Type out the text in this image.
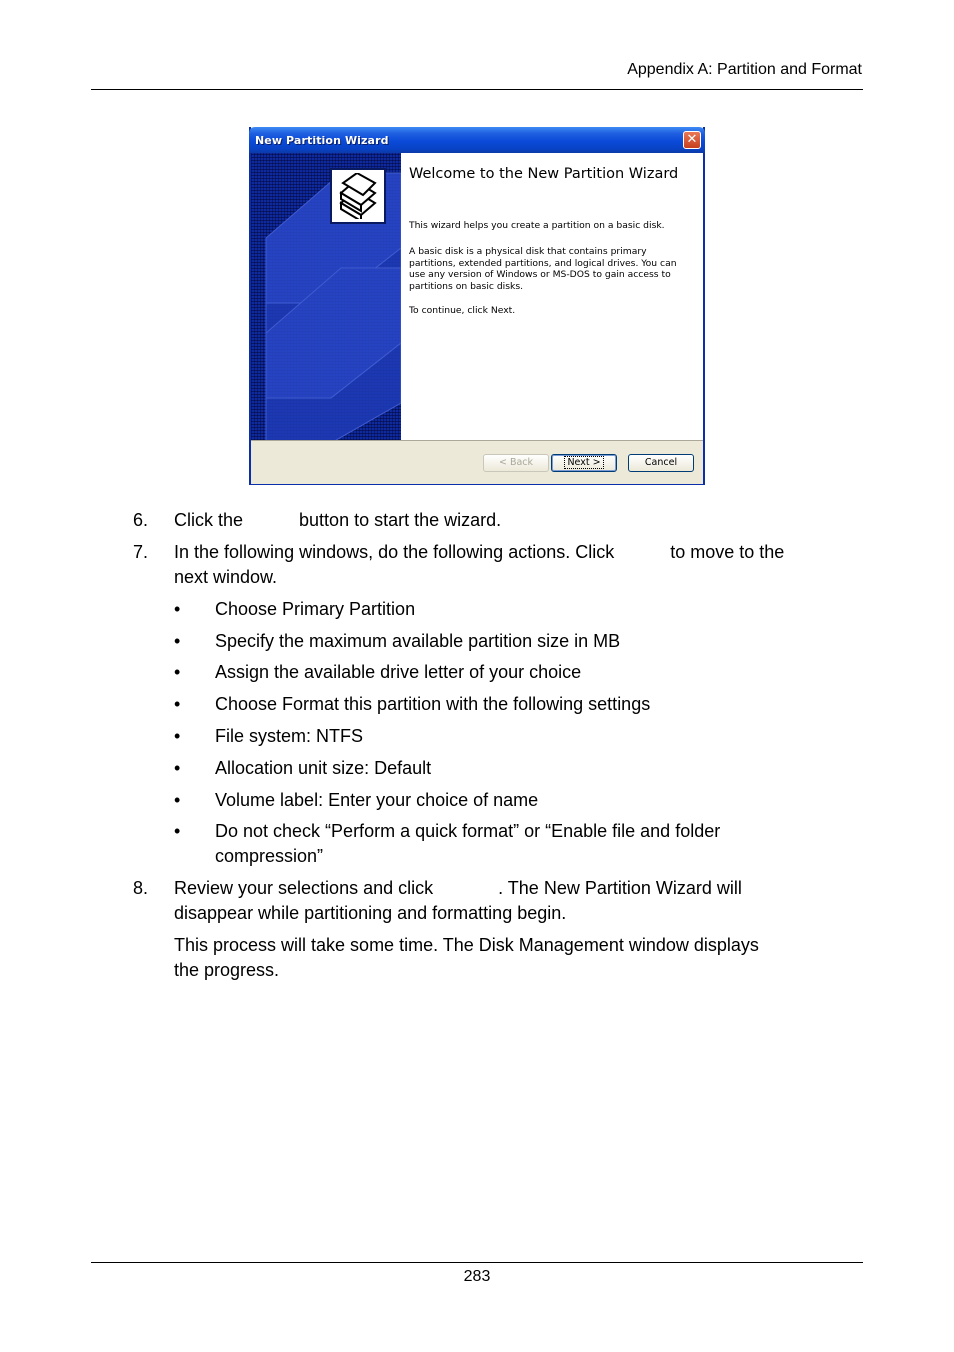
Appendix A: Partition and Format
New Partition Wizard	✕
Welcome to the New Partition Wizard
This wizard helps you create a partition on a basic disk.
A basic disk is a physical disk that contains primary partitions, extended partitions, and logical drives. You can use any version of Windows or MS-DOS to gain access to partitions on basic disks.
To continue, click Next.
< Back	Next >	Cancel
6. Click the	button to start the wizard.
7. In the following windows, do the following actions. Click	to move to the
next window.
• Choose Primary Partition
• Specify the maximum available partition size in MB
• Assign the available drive letter of your choice
• Choose Format this partition with the following settings
• File system: NTFS
• Allocation unit size: Default
• Volume label: Enter your choice of name
• Do not check “Perform a quick format” or “Enable file and folder
compression”
8. Review your selections and click	. The New Partition Wizard will
disappear while partitioning and formatting begin.
This process will take some time. The Disk Management window displays
the progress.
283
